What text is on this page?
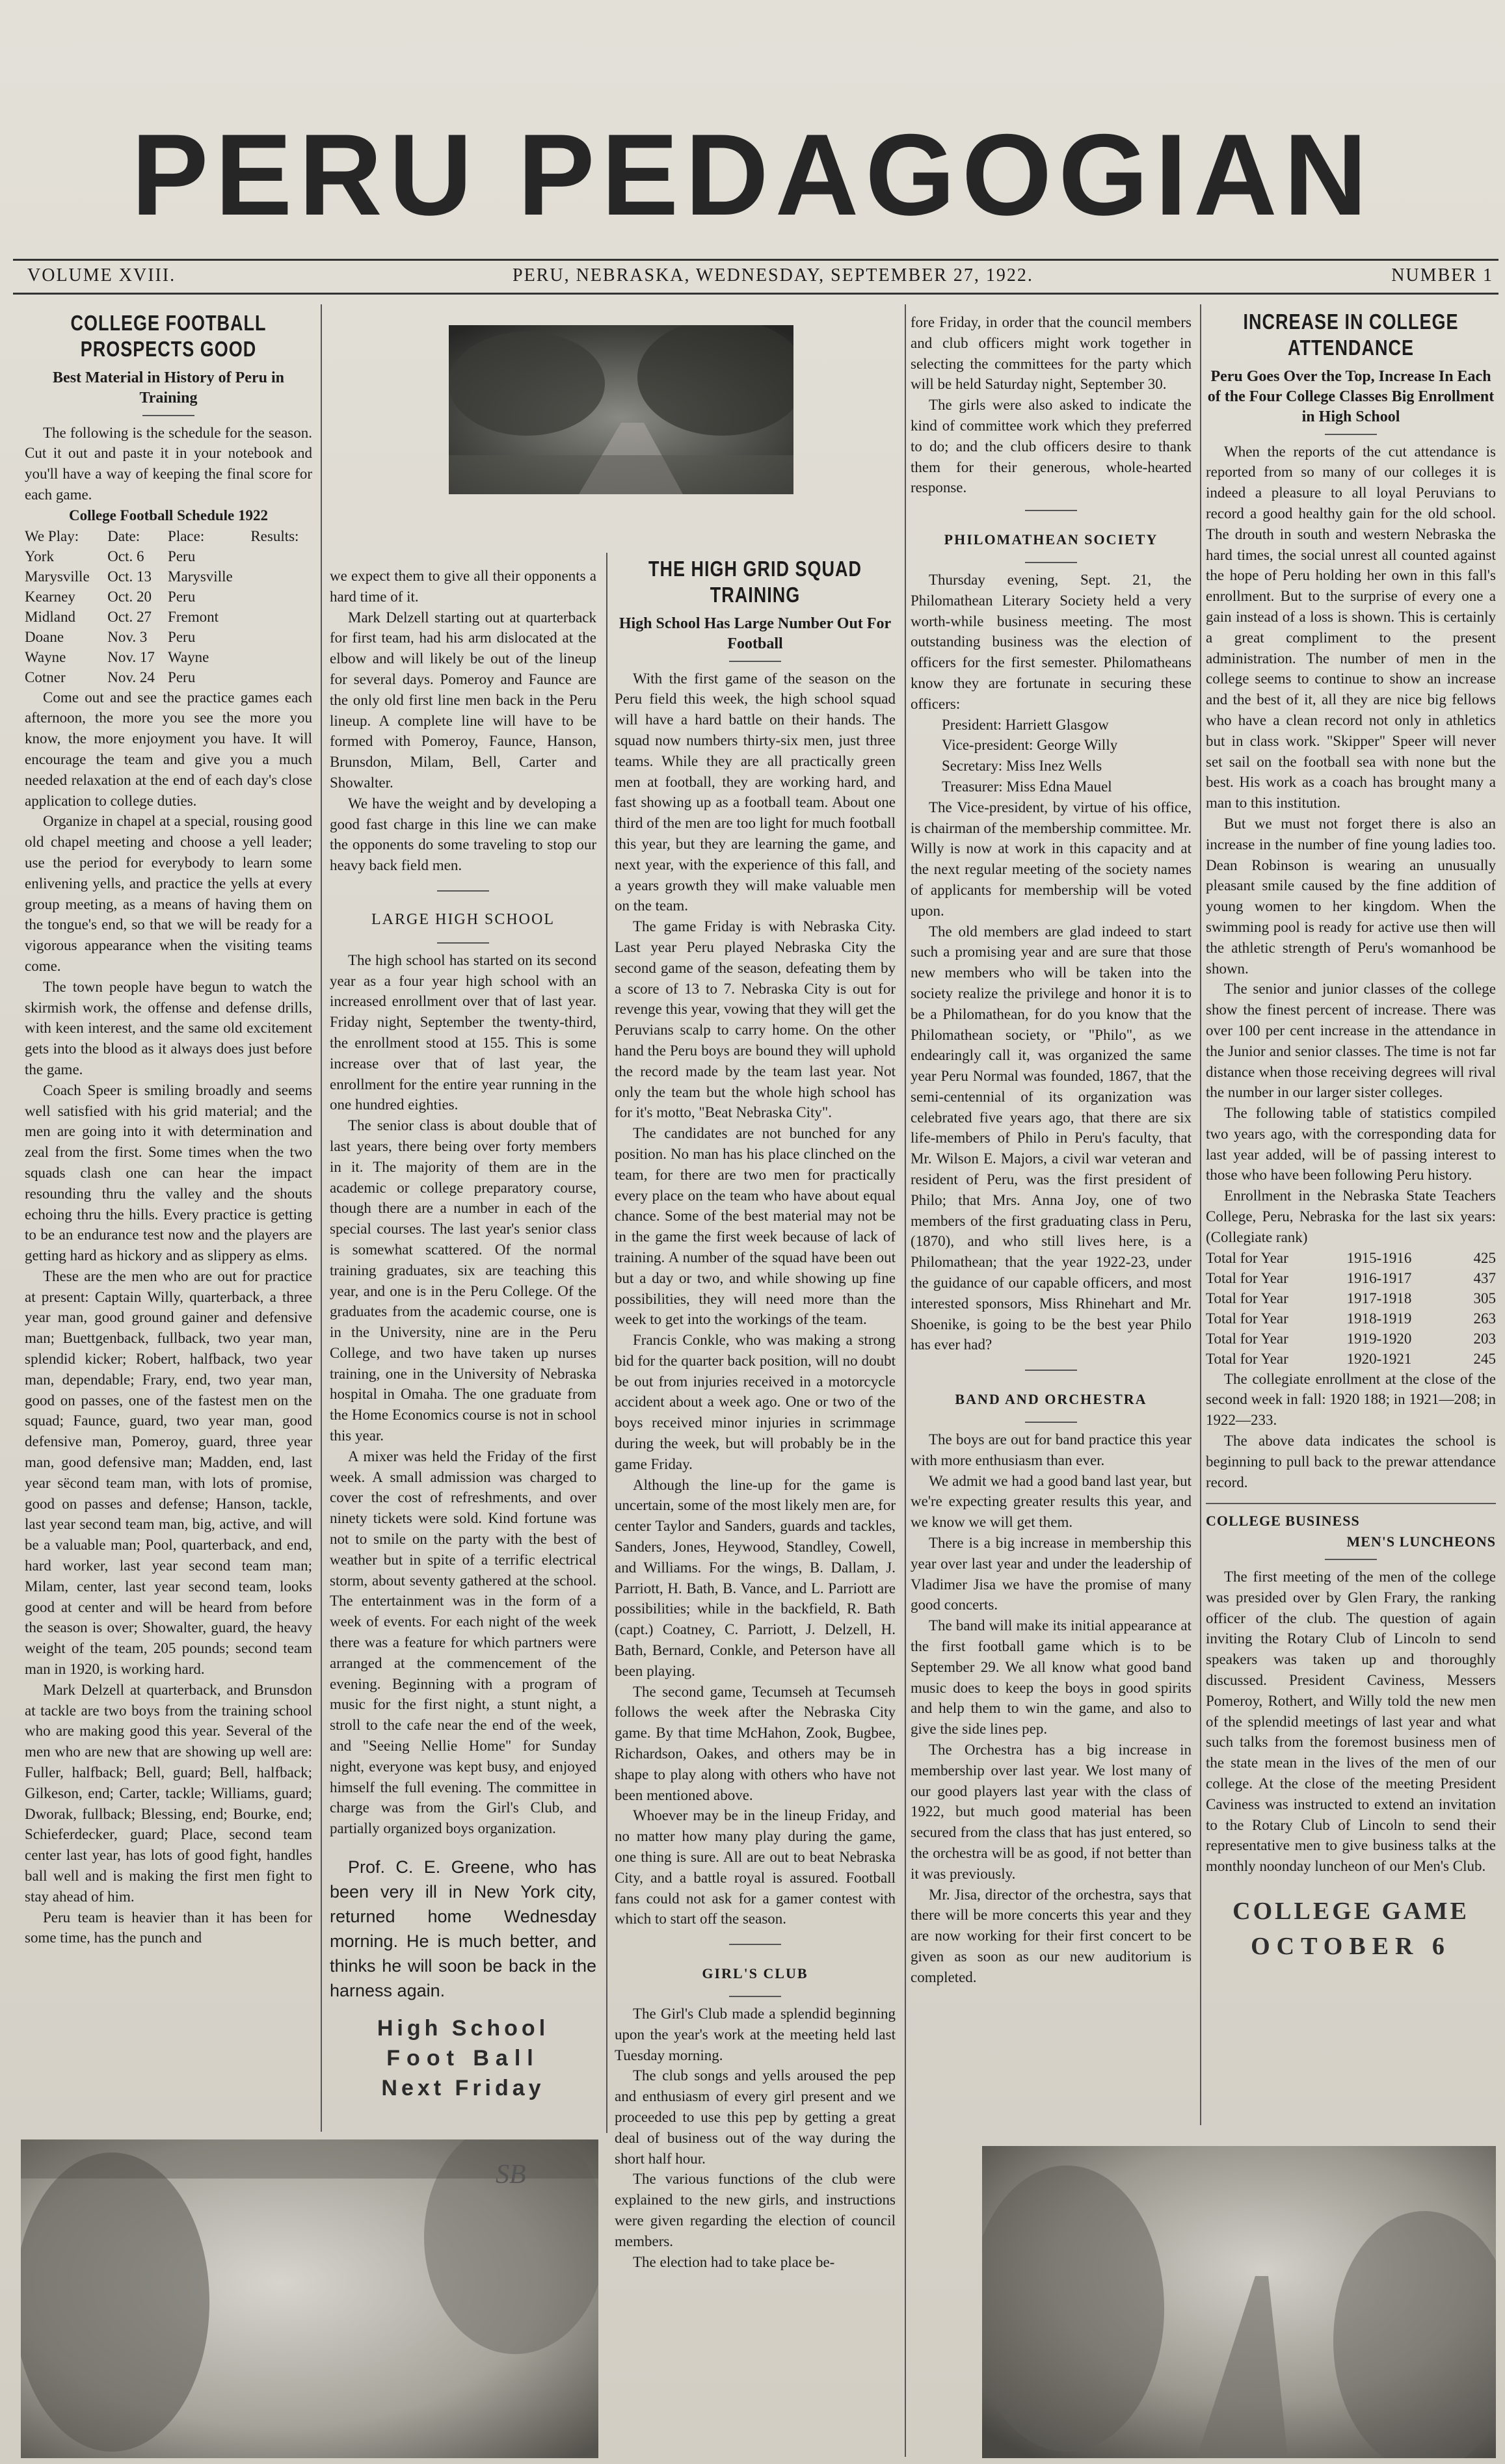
PERU PEDAGOGIAN
VOLUME XVIII.	PERU, NEBRASKA, WEDNESDAY, SEPTEMBER 27, 1922.	NUMBER 1
COLLEGE FOOTBALL PROSPECTS GOOD
Best Material in History of Peru in Training

The following is the schedule for the season. Cut it out and paste it in your notebook and you'll have a way of keeping the final score for each game.

College Football Schedule 1922
We Play:	Date:	Place:	Results:
York	Oct. 6	Peru	
Marysville	Oct. 13	Marysville	
Kearney	Oct. 20	Peru	
Midland	Oct. 27	Fremont	
Doane	Nov. 3	Peru	
Wayne	Nov. 17	Wayne	
Cotner	Nov. 24	Peru	

Come out and see the practice games each afternoon, the more you see the more you know, the more enjoyment you have. It will encourage the team and give you a much needed relaxation at the end of each day's close application to college duties.

Organize in chapel at a special, rousing good old chapel meeting and choose a yell leader; use the period for everybody to learn some enlivening yells, and practice the yells at every group meeting, as a means of having them on the tongue's end, so that we will be ready for a vigorous appearance when the visiting teams come.

The town people have begun to watch the skirmish work, the offense and defense drills, with keen interest, and the same old excitement gets into the blood as it always does just before the game.

Coach Speer is smiling broadly and seems well satisfied with his grid material; and the men are going into it with determination and zeal from the first. Some times when the two squads clash one can hear the impact resounding thru the valley and the shouts echoing thru the hills. Every practice is getting to be an endurance test now and the players are getting hard as hickory and as slippery as elms.

These are the men who are out for practice at present: Captain Willy, quarterback, a three year man, good ground gainer and defensive man; Buettgenback, fullback, two year man, splendid kicker; Robert, halfback, two year man, dependable; Frary, end, two year man, good on passes, one of the fastest men on the squad; Faunce, guard, two year man, good defensive man, Pomeroy, guard, three year man, good defensive man; Madden, end, last year sëcond team man, with lots of promise, good on passes and defense; Hanson, tackle, last year second team man, big, active, and will be a valuable man; Pool, quarterback, and end, hard worker, last year second team man; Milam, center, last year second team, looks good at center and will be heard from before the season is over; Showalter, guard, the heavy weight of the team, 205 pounds; second team man in 1920, is working hard.

Mark Delzell at quarterback, and Brunsdon at tackle are two boys from the training school who are making good this year. Several of the men who are new that are showing up well are: Fuller, halfback; Bell, guard; Bell, halfback; Gilkeson, end; Carter, tackle; Williams, guard; Dworak, fullback; Blessing, end; Bourke, end; Schieferdecker, guard; Place, second team center last year, has lots of good fight, handles ball well and is making the first men fight to stay ahead of him.

Peru team is heavier than it has been for some time, has the punch and

we expect them to give all their opponents a hard time of it.

Mark Delzell starting out at quarterback for first team, had his arm dislocated at the elbow and will likely be out of the lineup for several days. Pomeroy and Faunce are the only old first line men back in the Peru lineup. A complete line will have to be formed with Pomeroy, Faunce, Hanson, Brunsdon, Milam, Bell, Carter and Showalter.

We have the weight and by developing a good fast charge in this line we can make the opponents do some traveling to stop our heavy back field men.

LARGE HIGH SCHOOL

The high school has started on its second year as a four year high school with an increased enrollment over that of last year. Friday night, September the twenty-third, the enrollment stood at 155. This is some increase over that of last year, the enrollment for the entire year running in the one hundred eighties.

The senior class is about double that of last years, there being over forty members in it. The majority of them are in the academic or college preparatory course, though there are a number in each of the special courses. The last year's senior class is somewhat scattered. Of the normal training graduates, six are teaching this year, and one is in the Peru College. Of the graduates from the academic course, one is in the University, nine are in the Peru College, and two have taken up nurses training, one in the University of Nebraska hospital in Omaha. The one graduate from the Home Economics course is not in school this year.

A mixer was held the Friday of the first week. A small admission was charged to cover the cost of refreshments, and over ninety tickets were sold. Kind fortune was not to smile on the party with the best of weather but in spite of a terrific electrical storm, about seventy gathered at the school. The entertainment was in the form of a week of events. For each night of the week there was a feature for which partners were arranged at the commencement of the evening. Beginning with a program of music for the first night, a stunt night, a stroll to the cafe near the end of the week, and "Seeing Nellie Home" for Sunday night, everyone was kept busy, and enjoyed himself the full evening. The committee in charge was from the Girl's Club, and partially organized boys organization.

Prof. C. E. Greene, who has been very ill in New York city, returned home Wednesday morning. He is much better, and thinks he will soon be back in the harness again.
High School
Foot Ball
Next Friday
THE HIGH GRID SQUAD TRAINING
High School Has Large Number Out For Football

With the first game of the season on the Peru field this week, the high school squad will have a hard battle on their hands. The squad now numbers thirty-six men, just three teams. While they are all practically green men at football, they are working hard, and fast showing up as a football team. About one third of the men are too light for much football this year, but they are learning the game, and next year, with the experience of this fall, and a years growth they will make valuable men on the team.

The game Friday is with Nebraska City. Last year Peru played Nebraska City the second game of the season, defeating them by a score of 13 to 7. Nebraska City is out for revenge this year, vowing that they will get the Peruvians scalp to carry home. On the other hand the Peru boys are bound they will uphold the record made by the team last year. Not only the team but the whole high school has for it's motto, "Beat Nebraska City".

The candidates are not bunched for any position. No man has his place clinched on the team, for there are two men for practically every place on the team who have about equal chance. Some of the best material may not be in the game the first week because of lack of training. A number of the squad have been out but a day or two, and while showing up fine possibilities, they will need more than the week to get into the workings of the team.

Francis Conkle, who was making a strong bid for the quarter back position, will no doubt be out from injuries received in a motorcycle accident about a week ago. One or two of the boys received minor injuries in scrimmage during the week, but will probably be in the game Friday.

Although the line-up for the game is uncertain, some of the most likely men are, for center Taylor and Sanders, guards and tackles, Sanders, Jones, Heywood, Standley, Cowell, and Williams. For the wings, B. Dallam, J. Parriott, H. Bath, B. Vance, and L. Parriott are possibilities; while in the backfield, R. Bath (capt.) Coatney, C. Parriott, J. Delzell, H. Bath, Bernard, Conkle, and Peterson have all been playing.

The second game, Tecumseh at Tecumseh follows the week after the Nebraska City game. By that time McHahon, Zook, Bugbee, Richardson, Oakes, and others may be in shape to play along with others who have not been mentioned above.

Whoever may be in the lineup Friday, and no matter how many play during the game, one thing is sure. All are out to beat Nebraska City, and a battle royal is assured. Football fans could not ask for a gamer contest with which to start off the season.

GIRL'S CLUB

The Girl's Club made a splendid beginning upon the year's work at the meeting held last Tuesday morning.

The club songs and yells aroused the pep and enthusiasm of every girl present and we proceeded to use this pep by getting a great deal of business out of the way during the short half hour.

The various functions of the club were explained to the new girls, and instructions were given regarding the election of council members.

The election had to take place be-

fore Friday, in order that the council members and club officers might work together in selecting the committees for the party which will be held Saturday night, September 30.

The girls were also asked to indicate the kind of committee work which they preferred to do; and the club officers desire to thank them for their generous, whole-hearted response.

PHILOMATHEAN SOCIETY

Thursday evening, Sept. 21, the Philomathean Literary Society held a very worth-while business meeting. The most outstanding business was the election of officers for the first semester. Philomatheans know they are fortunate in securing these officers:

President: Harriett Glasgow
Vice-president: George Willy
Secretary: Miss Inez Wells
Treasurer: Miss Edna Mauel

The Vice-president, by virtue of his office, is chairman of the membership committee. Mr. Willy is now at work in this capacity and at the next regular meeting of the society names of applicants for membership will be voted upon.

The old members are glad indeed to start such a promising year and are sure that those new members who will be taken into the society realize the privilege and honor it is to be a Philomathean, for do you know that the Philomathean society, or "Philo", as we endearingly call it, was organized the same year Peru Normal was founded, 1867, that the semi-centennial of its organization was celebrated five years ago, that there are six life-members of Philo in Peru's faculty, that Mr. Wilson E. Majors, a civil war veteran and resident of Peru, was the first president of Philo; that Mrs. Anna Joy, one of two members of the first graduating class in Peru, (1870), and who still lives here, is a Philomathean; that the year 1922-23, under the guidance of our capable officers, and most interested sponsors, Miss Rhinehart and Mr. Shoenike, is going to be the best year Philo has ever had?

BAND AND ORCHESTRA

The boys are out for band practice this year with more enthusiasm than ever.

We admit we had a good band last year, but we're expecting greater results this year, and we know we will get them.

There is a big increase in membership this year over last year and under the leadership of Vladimer Jisa we have the promise of many good concerts.

The band will make its initial appearance at the first football game which is to be September 29. We all know what good band music does to keep the boys in good spirits and help them to win the game, and also to give the side lines pep.

The Orchestra has a big increase in membership over last year. We lost many of our good players last year with the class of 1922, but much good material has been secured from the class that has just entered, so the orchestra will be as good, if not better than it was previously.

Mr. Jisa, director of the orchestra, says that there will be more concerts this year and they are now working for their first concert to be given as soon as our new auditorium is completed.

INCREASE IN COLLEGE ATTENDANCE
Peru Goes Over the Top, Increase In Each of the Four College Classes Big Enrollment in High School

When the reports of the cut attendance is reported from so many of our colleges it is indeed a pleasure to all loyal Peruvians to record a good healthy gain for the old school. The drouth in south and western Nebraska the hard times, the social unrest all counted against the hope of Peru holding her own in this fall's enrollment. But to the surprise of every one a gain instead of a loss is shown. This is certainly a great compliment to the present administration. The number of men in the college seems to continue to show an increase and the best of it, all they are nice big fellows who have a clean record not only in athletics but in class work. "Skipper" Speer will never set sail on the football sea with none but the best. His work as a coach has brought many a man to this institution.

But we must not forget there is also an increase in the number of fine young ladies too. Dean Robinson is wearing an unusually pleasant smile caused by the fine addition of young women to her kingdom. When the swimming pool is ready for active use then will the athletic strength of Peru's womanhood be shown.

The senior and junior classes of the college show the finest percent of increase. There was over 100 per cent increase in the attendance in the Junior and senior classes. The time is not far distance when those receiving degrees will rival the number in our larger sister colleges.

The following table of statistics compiled two years ago, with the corresponding data for last year added, will be of passing interest to those who have been following Peru history.

Enrollment in the Nebraska State Teachers College, Peru, Nebraska for the last six years: (Collegiate rank)

Total for Year	1915-1916	425
Total for Year	1916-1917	437
Total for Year	1917-1918	305
Total for Year	1918-1919	263
Total for Year	1919-1920	203
Total for Year	1920-1921	245

The collegiate enrollment at the close of the second week in fall: 1920 188; in 1921—208; in 1922—233.

The above data indicates the school is beginning to pull back to the prewar attendance record.

COLLEGE BUSINESS
MEN'S LUNCHEONS

The first meeting of the men of the college was presided over by Glen Frary, the ranking officer of the club. The question of again inviting the Rotary Club of Lincoln to send speakers was taken up and thoroughly discussed. President Caviness, Messers Pomeroy, Rothert, and Willy told the new men of the splendid meetings of last year and what such talks from the foremost business men of the state mean in the lives of the men of our college. At the close of the meeting President Caviness was instructed to extend an invitation to the Rotary Club of Lincoln to send their representative men to give business talks at the monthly noonday luncheon of our Men's Club.

COLLEGE GAME
OCTOBER 6
SB
